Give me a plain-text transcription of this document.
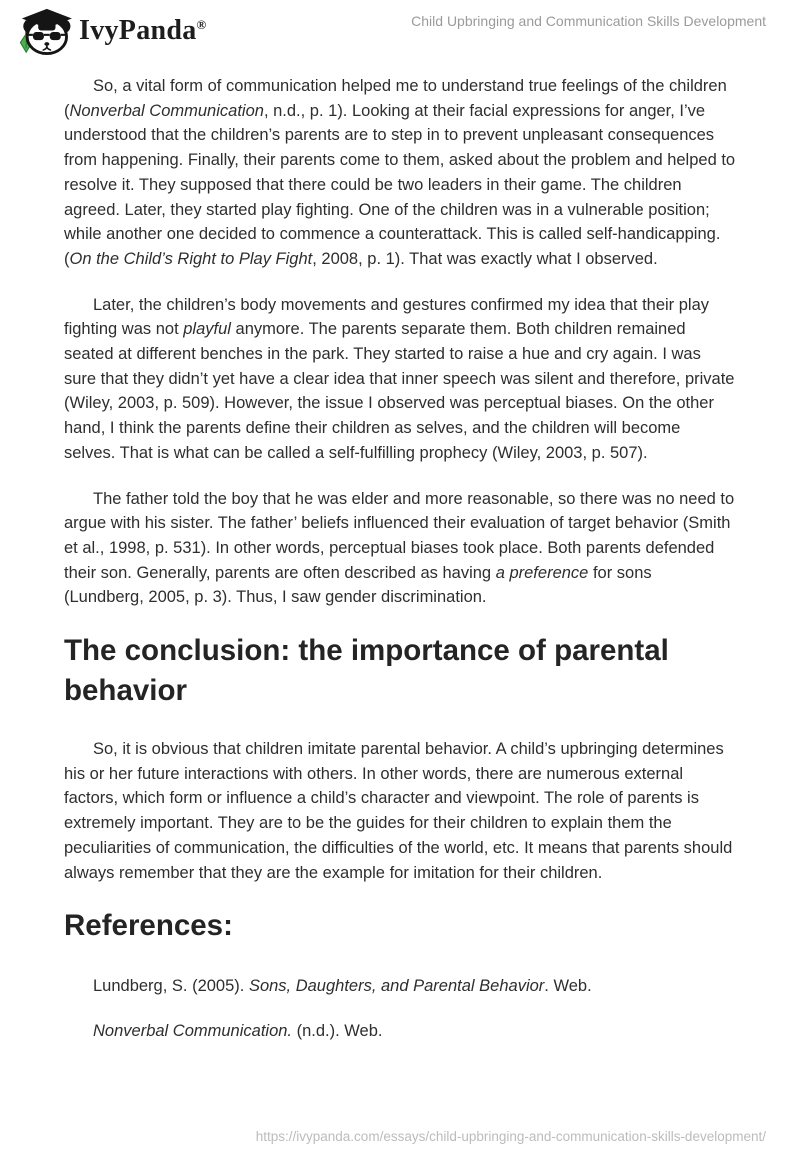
IvyPanda®	Child Upbringing and Communication Skills Development

So, a vital form of communication helped me to understand true feelings of the children (Nonverbal Communication, n.d., p. 1). Looking at their facial expressions for anger, I’ve understood that the children’s parents are to step in to prevent unpleasant consequences from happening. Finally, their parents come to them, asked about the problem and helped to resolve it. They supposed that there could be two leaders in their game. The children agreed. Later, they started play fighting. One of the children was in a vulnerable position; while another one decided to commence a counterattack. This is called self-handicapping. (On the Child’s Right to Play Fight, 2008, p. 1). That was exactly what I observed.

Later, the children’s body movements and gestures confirmed my idea that their play fighting was not playful anymore. The parents separate them. Both children remained seated at different benches in the park. They started to raise a hue and cry again. I was sure that they didn’t yet have a clear idea that inner speech was silent and therefore, private (Wiley, 2003, p. 509). However, the issue I observed was perceptual biases. On the other hand, I think the parents define their children as selves, and the children will become selves. That is what can be called a self-fulfilling prophecy (Wiley, 2003, p. 507).

The father told the boy that he was elder and more reasonable, so there was no need to argue with his sister. The father’ beliefs influenced their evaluation of target behavior (Smith et al., 1998, p. 531). In other words, perceptual biases took place. Both parents defended their son. Generally, parents are often described as having a preference for sons (Lundberg, 2005, p. 3). Thus, I saw gender discrimination.

The conclusion: the importance of parental behavior

So, it is obvious that children imitate parental behavior. A child’s upbringing determines his or her future interactions with others. In other words, there are numerous external factors, which form or influence a child’s character and viewpoint. The role of parents is extremely important. They are to be the guides for their children to explain them the peculiarities of communication, the difficulties of the world, etc. It means that parents should always remember that they are the example for imitation for their children.

References:

Lundberg, S. (2005). Sons, Daughters, and Parental Behavior. Web.

Nonverbal Communication. (n.d.). Web.

https://ivypanda.com/essays/child-upbringing-and-communication-skills-development/
